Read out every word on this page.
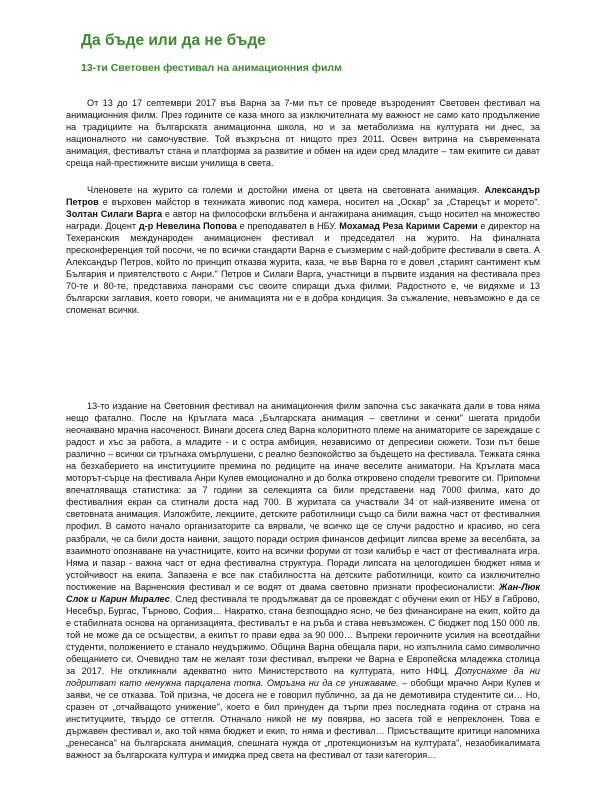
Да бъде или да не бъде
13-ти Световен фестивал на анимационния филм

От 13 до 17 септември 2017 във Варна за 7-ми път се проведе възроденият Световен фестивал на анимационния филм. През годините се каза много за изключителната му важност не само като продължение на традициите на българската анимационна школа, но и за метаболизма на културата ни днес, за националното ни самочувствие. Той възкръсна от нищото през 2011. Освен витрина на съвременната анимация, фестивалът стана и платформа за развитие и обмен на идеи сред младите – там екипите си дават среща най-престижните висши училища в света.

Членовете на журито са големи и достойни имена от цвета на световната анимация. Александър Петров е върховен майстор в техниката живопис под камера, носител на „Оскар" за „Старецът и морето". Золтан Силаги Варга е автор на философски вглъбена и ангажирана анимация, също носител на множество награди. Доцент д-р Невелина Попова е преподавател в НБУ. Мохамад Реза Карими Сареми е директор на Техеранския международен анимационен фестивал и председател на журито. На финалната пресконференция той посочи, че по всички стандарти Варна е съизмерим с най-добрите фестивали в света. А Александър Петров, който по принцип отказва журита, каза, че във Варна го е довел „старият сантимент към България и приятелството с Анри." Петров и Силаги Варга, участници в първите издания на фестивала през 70-те и 80-те, представиха панорами със своите спиращи дъха филми. Радостното е, че видяхме и 13 български заглавия, което говори, че анимацията ни е в добра кондиция. За съжаление, невъзможно е да се споменат всички.

13-то издание на Световния фестивал на анимационния филм започна със закачката дали в това няма нещо фатално. После на Кръглата маса „Българската анимация – светлини и сенки" шегата придоби неочаквано мрачна насоченост. Винаги досега след Варна колоритното племе на аниматорите се зареждаше с радост и хъс за работа, а младите - и с остра амбиция, независимо от депресиви сюжети. Този път беше различно – всички си тръгнаха омърлушени, с реално безпокойство за бъдещето на фестивала. Тежката сянка на безхаберието на институциите премина по редиците на иначе веселите аниматори. На Кръглата маса моторът-сърце на фестивала Анри Кулев емоционално и до болка откровено сподели тревогите си. Припомни впечатляваща статистика: за 7 години за селекцията са били представени над 7000 филма, като до фестивалния екран са стигнали доста над 700. В журитата са участвали 34 от най-изявените имена от световната анимация. Изложбите, лекциите, детските работилници също са били важна част от фестивалния профил. В самото начало организаторите са вярвали, че всичко ще се случи радостно и красиво, но сега разбрали, че са били доста наивни, защото поради острия финансов дефицит липсва време за веселбата, за взаимното опознаване на участниците, които на всички форуми от този калибър е част от фестивалната игра. Няма и пазар - важна част от една фестивална структура. Поради липсата на целогодишен бюджет няма и устойчивост на екипа. Запазена е все пак стабилността на детските работилници, които са изключително постижение на Варненския фестивал и се водят от двама световно признати професионалисти: Жан-Люк Слок и Карин Миралес. След фестивала те продължават да се провеждат с обучени екип от НБУ в Габрово, Несебър, Бургас, Търново, София… Накратко, стана безпощадно ясно, че без финансиране на екип, който да е стабилната основа на организацията, фестивалът е на ръба и става невъзможен. С бюджет под 150 000 лв. той не може да се осъществи, а екипът го прави едва за 90 000… Въпреки героичните усилия на всеотдайни студенти, положението е станало неудържимо. Община Варна обещала пари, но изпълнила само символично обещанието си. Очевидно там не желаят този фестивал, въпреки че Варна е Европейска младежка столица за 2017. Не откликнали адекватно нито Министерството на културата, нито НФЦ. Допуснахме да ни подритват като ненужна парцалена топка. Омръзна ни да се унижаваме. – обобщи мрачно Анри Кулев и заяви, че се отказва. Той призна, че досега не е говорил публично, за да не демотивира студентите си… Но, сразен от „отчайващото унижение", което е бил принуден да търпи през последната година от страна на институциите, твърдо се оттегля. Отначало никой не му повярва, но засега той е непреклонен. Това е държавен фестивал и, ако той няма бюджет и екип, то няма и фестивал… Присъстващите критици напомниха „ренесанса" на българската анимация, спешната нужда от „протекционизъм на културата", незаобикалимата важност за българската култура и имиджа пред света на фестивал от тази категория…
